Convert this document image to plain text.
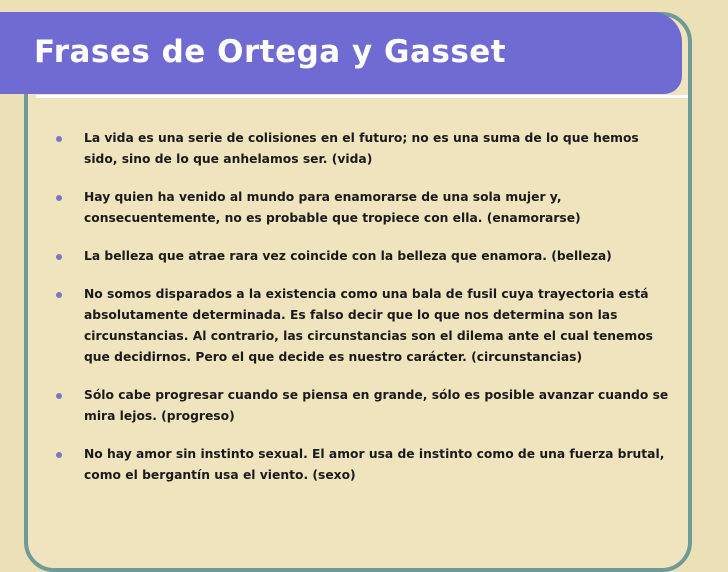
Frases de Ortega y Gasset
La vida es una serie de colisiones en el futuro; no es una suma de lo que hemos sido, sino de lo que anhelamos ser. (vida)
Hay quien ha venido al mundo para enamorarse de una sola mujer y, consecuentemente, no es probable que tropiece con ella. (enamorarse)
La belleza que atrae rara vez coincide con la belleza que enamora. (belleza)
No somos disparados a la existencia como una bala de fusil cuya trayectoria está absolutamente determinada. Es falso decir que lo que nos determina son las circunstancias. Al contrario, las circunstancias son el dilema ante el cual tenemos que decidirnos. Pero el que decide es nuestro carácter. (circunstancias)
Sólo cabe progresar cuando se piensa en grande, sólo es posible avanzar cuando se mira lejos. (progreso)
No hay amor sin instinto sexual. El amor usa de instinto como de una fuerza brutal, como el bergantín usa el viento. (sexo)
